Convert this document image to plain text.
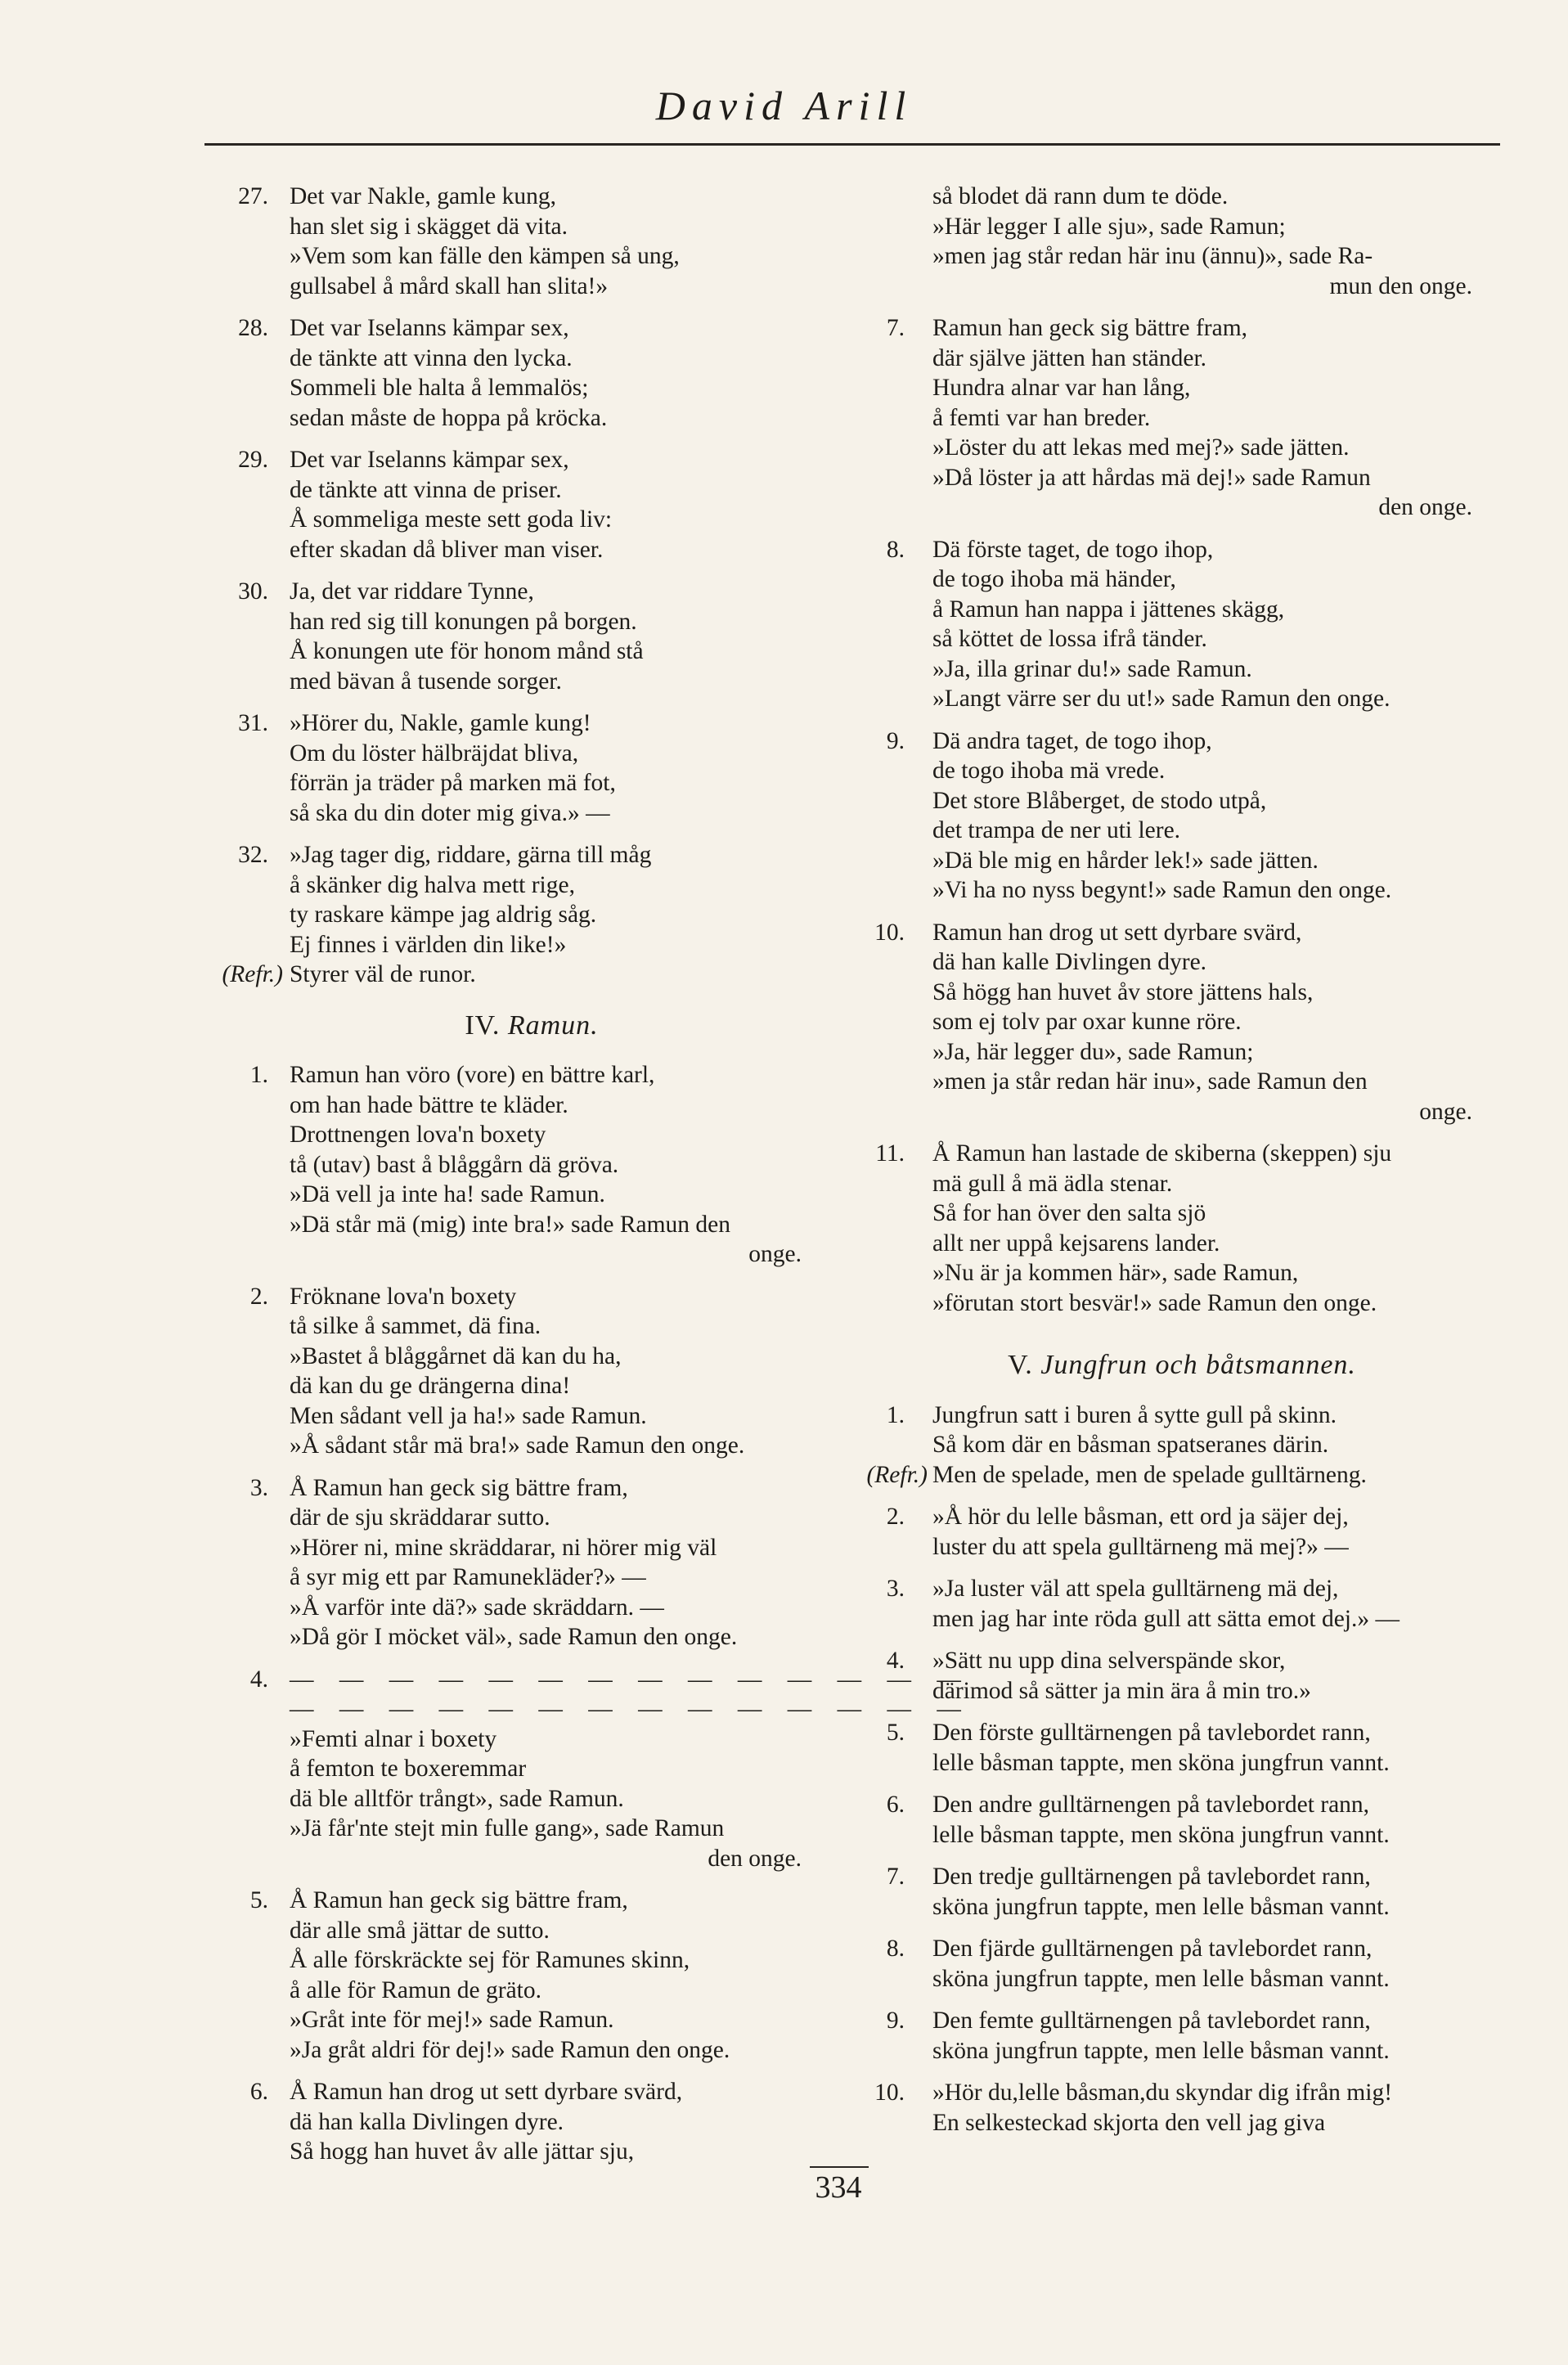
David Arill
27. Det var Nakle, gamle kung,
han slet sig i skägget dä vita.
»Vem som kan fälle den kämpen så ung,
gullsabel å mård skall han slita!»
28. Det var Iselanns kämpar sex,
de tänkte att vinna den lycka.
Sommeli ble halta å lemmalös;
sedan måste de hoppa på kröcka.
29. Det var Iselanns kämpar sex,
de tänkte att vinna de priser.
Å sommeliga meste sett goda liv:
efter skadan då bliver man viser.
30. Ja, det var riddare Tynne,
han red sig till konungen på borgen.
Å konungen ute för honom månd stå
med bävan å tusende sorger.
31. »Hörer du, Nakle, gamle kung!
Om du löster hälbräjdat bliva,
förrän ja träder på marken mä fot,
så ska du din doter mig giva.» —
32. »Jag tager dig, riddare, gärna till måg
å skänker dig halva mett rige,
ty raskare kämpe jag aldrig såg.
Ej finnes i världen din like!»
(Refr.) Styrer väl de runor.
IV. Ramun.
1. Ramun han vöro (vore) en bättre karl,
om han hade bättre te kläder.
Drottnengen lova'n boxety
tå (utav) bast å blåggårn dä gröva.
»Dä vell ja inte ha! sade Ramun.
»Dä står mä (mig) inte bra!» sade Ramun den
onge.
2. Fröknane lova'n boxety
tå silke å sammet, dä fina.
»Bastet å blåggårnet dä kan du ha,
dä kan du ge drängerna dina!
Men sådant vell ja ha!» sade Ramun.
»Å sådant står mä bra!» sade Ramun den onge.
3. Å Ramun han geck sig bättre fram,
där de sju skräddarar sutto.
»Hörer ni, mine skräddarar, ni hörer mig väl
å syr mig ett par Ramunekläder?» —
»Å varför inte dä?» sade skräddarn. —
»Då gör I möcket väl», sade Ramun den onge.
4. — — — — — — — — — — — — — —
— — — — — — — — — — — — — —
»Femti alnar i boxety
å femton te boxeremmar
dä ble alltför trångt», sade Ramun.
»Jä får'nte stejt min fulle gang», sade Ramun
den onge.
5. Å Ramun han geck sig bättre fram,
där alle små jättar de sutto.
Å alle förskräckte sej för Ramunes skinn,
å alle för Ramun de gräto.
»Gråt inte för mej!» sade Ramun.
»Ja gråt aldri för dej!» sade Ramun den onge.
6. Å Ramun han drog ut sett dyrbare svärd,
dä han kalla Divlingen dyre.
Så hogg han huvet åv alle jättar sju,
så blodet dä rann dum te döde.
»Här legger I alle sju», sade Ramun;
»men jag står redan här inu (ännu)», sade Ra-
mun den onge.
7. Ramun han geck sig bättre fram,
där själve jätten han ständer.
Hundra alnar var han lång,
å femti var han breder.
»Löster du att lekas med mej?» sade jätten.
»Då löster ja att hårdas mä dej!» sade Ramun
den onge.
8. Dä förste taget, de togo ihop,
de togo ihoba mä händer,
å Ramun han nappa i jättenes skägg,
så köttet de lossa ifrå tänder.
»Ja, illa grinar du!» sade Ramun.
»Langt värre ser du ut!» sade Ramun den onge.
9. Dä andra taget, de togo ihop,
de togo ihoba mä vrede.
Det store Blåberget, de stodo utpå,
det trampa de ner uti lere.
»Dä ble mig en hårder lek!» sade jätten.
»Vi ha no nyss begynt!» sade Ramun den onge.
10. Ramun han drog ut sett dyrbare svärd,
dä han kalle Divlingen dyre.
Så högg han huvet åv store jättens hals,
som ej tolv par oxar kunne röre.
»Ja, här legger du», sade Ramun;
»men ja står redan här inu», sade Ramun den
onge.
11. Å Ramun han lastade de skiberna (skeppen) sju
mä gull å mä ädla stenar.
Så for han över den salta sjö
allt ner uppå kejsarens lander.
»Nu är ja kommen här», sade Ramun,
»förutan stort besvär!» sade Ramun den onge.
V. Jungfrun och båtsmannen.
1. Jungfrun satt i buren å sytte gull på skinn.
Så kom där en båsman spatseranes därin.
(Refr.) Men de spelade, men de spelade gulltärneng.
2. »Å hör du lelle båsman, ett ord ja säjer dej,
luster du att spela gulltärneng mä mej?» —
3. »Ja luster väl att spela gulltärneng mä dej,
men jag har inte röda gull att sätta emot dej.» —
4. »Sätt nu upp dina selverspände skor,
därimod så sätter ja min ära å min tro.»
5. Den förste gulltärnengen på tavlebordet rann,
lelle båsman tappte, men sköna jungfrun vannt.
6. Den andre gulltärnengen på tavlebordet rann,
lelle båsman tappte, men sköna jungfrun vannt.
7. Den tredje gulltärnengen på tavlebordet rann,
sköna jungfrun tappte, men lelle båsman vannt.
8. Den fjärde gulltärnengen på tavlebordet rann,
sköna jungfrun tappte, men lelle båsman vannt.
9. Den femte gulltärnengen på tavlebordet rann,
sköna jungfrun tappte, men lelle båsman vannt.
10. »Hör du,lelle båsman,du skyndar dig ifrån mig!
En selkesteckad skjorta den vell jag giva
334
